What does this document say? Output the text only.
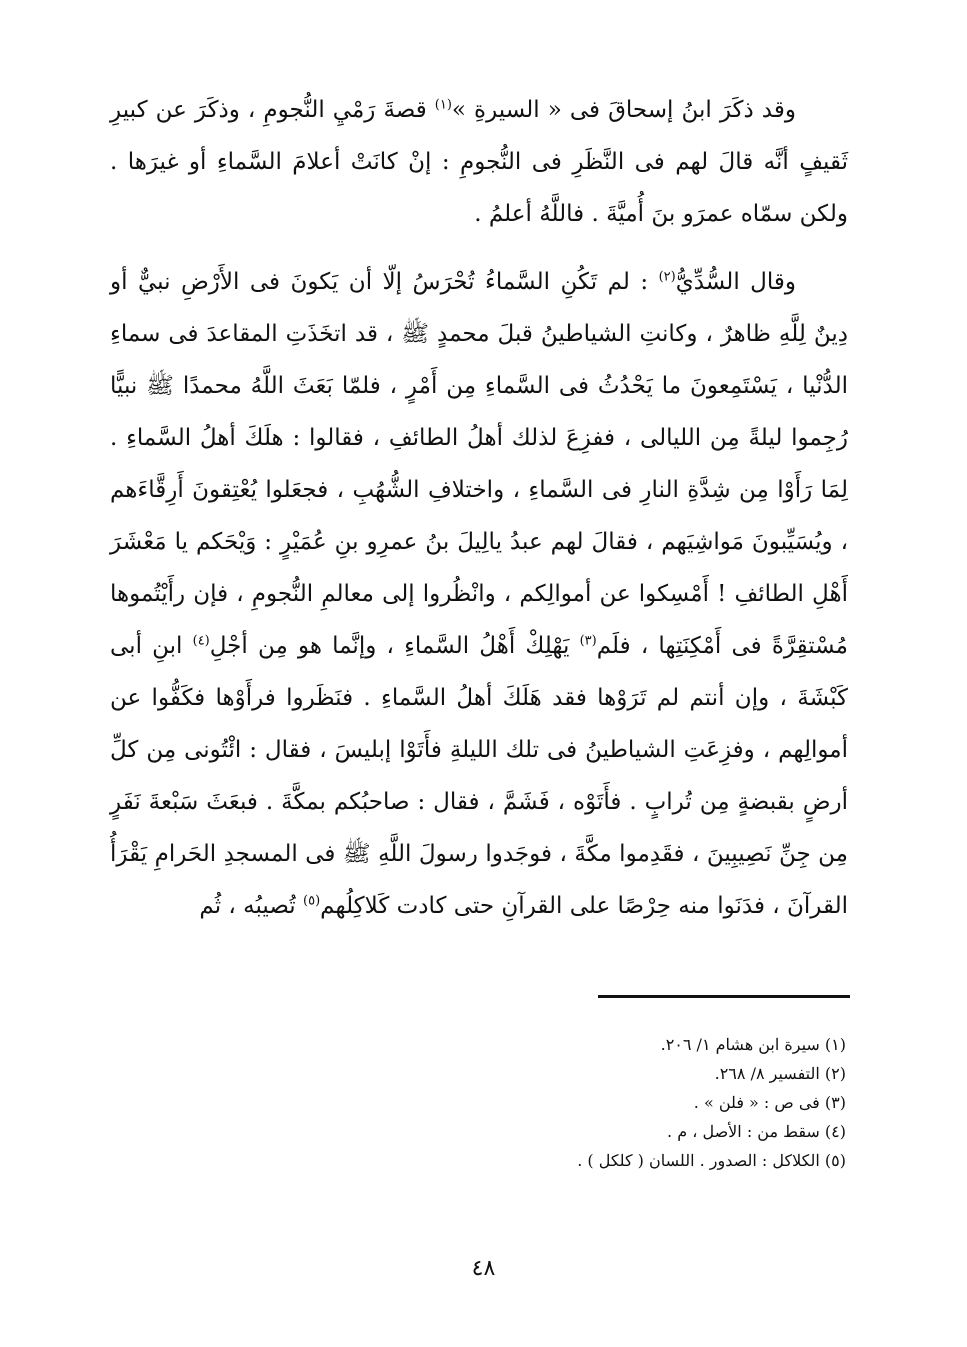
وقد ذكَرَ ابنُ إسحاقَ فى « السيرةِ »$^{(١)}$ قصةَ رَمْيِ النُّجومِ ، وذكَرَ عن كبيرِ ثَقيفٍ أنَّه قالَ لهم فى النَّظَرِ فى النُّجومِ : إنْ كانَتْ أعلامَ السَّماءِ أو غيرَها . ولكن سمّاه عمرَو بنَ أُميَّةَ . فاللَّهُ أعلمُ .

وقال السُّدِّيُّ$^{(٢)}$ : لم تَكُنِ السَّماءُ تُحْرَسُ إلّا أن يَكونَ فى الأَرْضِ نبيٌّ أو دِينٌ لِلَّهِ ظاهرٌ ، وكانتِ الشياطينُ قبلَ محمدٍ ﷺ ، قد اتخَذَتِ المقاعدَ فى سماءِ الدُّنْيا ، يَسْتَمِعونَ ما يَحْدُثُ فى السَّماءِ مِن أَمْرٍ ، فلمّا بَعَثَ اللَّهُ محمدًا ﷺ نبيًّا رُجِموا ليلةً مِن الليالى ، ففزِعَ لذلك أهلُ الطائفِ ، فقالوا : هلَكَ أهلُ السَّماءِ . لِمَا رَأَوْا مِن شِدَّةِ النارِ فى السَّماءِ ، واختلافِ الشُّهُبِ ، فجعَلوا يُعْتِقونَ أَرِقَّاءَهم ، ويُسَيِّبونَ مَواشِيَهم ، فقالَ لهم عبدُ يالِيلَ بنُ عمرِو بنِ عُمَيْرٍ : وَيْحَكم يا مَعْشَرَ أَهْلِ الطائفِ ! أَمْسِكوا عن أموالِكم ، وانْظُروا إلى معالمِ النُّجومِ ، فإن رأَيْتُموها مُسْتقِرَّةً فى أَمْكِنَتِها ، فلَم$^{(٣)}$ يَهْلِكْ أَهْلُ السَّماءِ ، وإنَّما هو مِن أجْلِ$^{(٤)}$ ابنِ أبى كَبْشَةَ ، وإن أنتم لم تَرَوْها فقد هَلَكَ أهلُ السَّماءِ . فنَظَروا فرأَوْها فكَفُّوا عن أموالِهم ، وفزِعَتِ الشياطينُ فى تلك الليلةِ فأَتَوْا إبليسَ ، فقال : ائْتُونى مِن كلِّ أرضٍ بقبضةٍ مِن تُرابٍ . فأَتَوْه ، فَشَمَّ ، فقال : صاحبُكم بمكَّةَ . فبعَثَ سَبْعةَ نَفَرٍ مِن جِنِّ نَصِيبِينَ ، فقَدِموا مكَّةَ ، فوجَدوا رسولَ اللَّهِ ﷺ فى المسجدِ الحَرامِ يَقْرَأُ القرآنَ ، فدَنَوا منه حِرْصًا على القرآنِ حتى كادت كَلاكِلُهم$^{(٥)}$ تُصيبُه ، ثُم

(١) سيرة ابن هشام ١/ ٢٠٦.

(٢) التفسير ٨/ ٢٦٨.

(٣) فى ص : « فلن » .

(٤) سقط من : الأصل ، م .

(٥) الكلاكل : الصدور . اللسان ( كلكل ) .

٤٨
